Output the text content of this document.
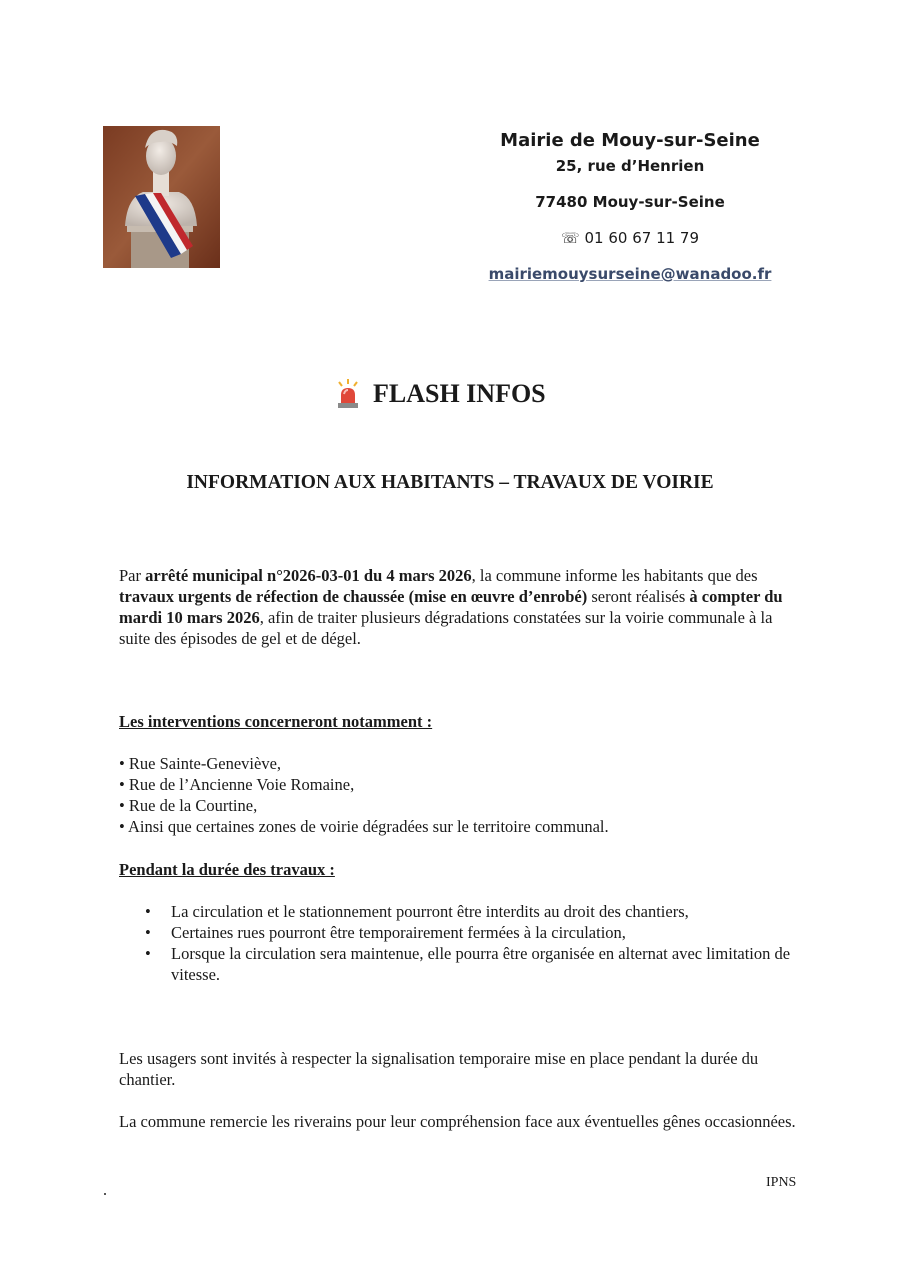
Mairie de Mouy-sur-Seine

25, rue d’Henrien

77480 Mouy-sur-Seine

☏ 01 60 67 11 79

mairiemouysurseine@wanadoo.fr

FLASH INFOS
INFORMATION AUX HABITANTS – TRAVAUX DE VOIRIE

Par arrêté municipal n°2026-03-01 du 4 mars 2026, la commune informe les habitants que des travaux urgents de réfection de chaussée (mise en œuvre d’enrobé) seront réalisés à compter du mardi 10 mars 2026, afin de traiter plusieurs dégradations constatées sur la voirie communale à la suite des épisodes de gel et de dégel.

Les interventions concerneront notamment :

• Rue Sainte-Geneviève,
• Rue de l’Ancienne Voie Romaine,
• Rue de la Courtine,
• Ainsi que certaines zones de voirie dégradées sur le territoire communal.

Pendant la durée des travaux :

• La circulation et le stationnement pourront être interdits au droit des chantiers,
• Certaines rues pourront être temporairement fermées à la circulation,
• Lorsque la circulation sera maintenue, elle pourra être organisée en alternat avec limitation de vitesse.

Les usagers sont invités à respecter la signalisation temporaire mise en place pendant la durée du chantier.

La commune remercie les riverains pour leur compréhension face aux éventuelles gênes occasionnées.

IPNS
